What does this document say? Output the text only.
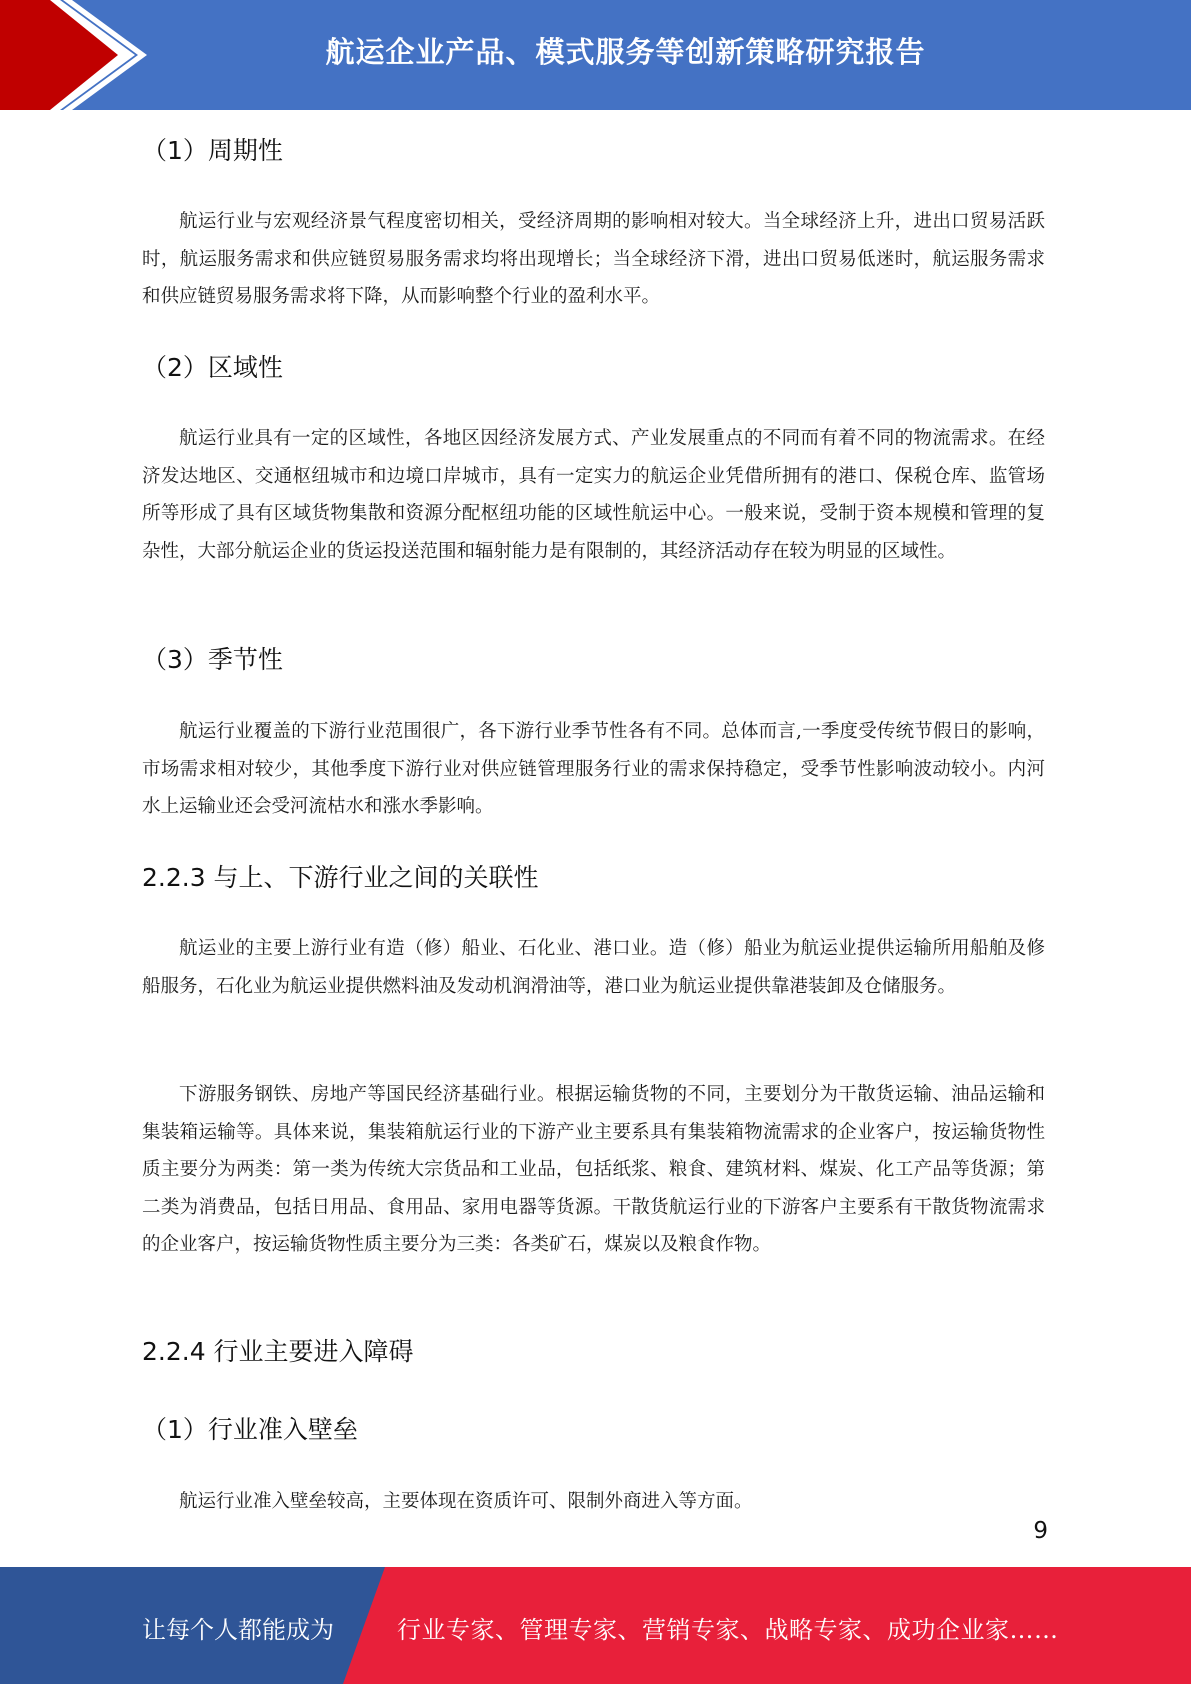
航运企业产品、模式服务等创新策略研究报告
（1）周期性

航运行业与宏观经济景气程度密切相关，受经济周期的影响相对较大。当全球经济上升，进出口贸易活跃时，航运服务需求和供应链贸易服务需求均将出现增长；当全球经济下滑，进出口贸易低迷时，航运服务需求和供应链贸易服务需求将下降，从而影响整个行业的盈利水平。

（2）区域性

航运行业具有一定的区域性，各地区因经济发展方式、产业发展重点的不同而有着不同的物流需求。在经济发达地区、交通枢纽城市和边境口岸城市，具有一定实力的航运企业凭借所拥有的港口、保税仓库、监管场所等形成了具有区域货物集散和资源分配枢纽功能的区域性航运中心。一般来说，受制于资本规模和管理的复杂性，大部分航运企业的货运投送范围和辐射能力是有限制的，其经济活动存在较为明显的区域性。

（3）季节性

航运行业覆盖的下游行业范围很广，各下游行业季节性各有不同。总体而言,一季度受传统节假日的影响，市场需求相对较少，其他季度下游行业对供应链管理服务行业的需求保持稳定，受季节性影响波动较小。内河水上运输业还会受河流枯水和涨水季影响。

2.2.3 与上、下游行业之间的关联性

航运业的主要上游行业有造（修）船业、石化业、港口业。造（修）船业为航运业提供运输所用船舶及修船服务，石化业为航运业提供燃料油及发动机润滑油等，港口业为航运业提供靠港装卸及仓储服务。

下游服务钢铁、房地产等国民经济基础行业。根据运输货物的不同，主要划分为干散货运输、油品运输和集装箱运输等。具体来说，集装箱航运行业的下游产业主要系具有集装箱物流需求的企业客户，按运输货物性质主要分为两类：第一类为传统大宗货品和工业品，包括纸浆、粮食、建筑材料、煤炭、化工产品等货源；第二类为消费品，包括日用品、食用品、家用电器等货源。干散货航运行业的下游客户主要系有干散货物流需求的企业客户，按运输货物性质主要分为三类：各类矿石，煤炭以及粮食作物。

2.2.4 行业主要进入障碍
（1）行业准入壁垒

航运行业准入壁垒较高，主要体现在资质许可、限制外商进入等方面。

9
让每个人都能成为	行业专家、管理专家、营销专家、战略专家、成功企业家……
